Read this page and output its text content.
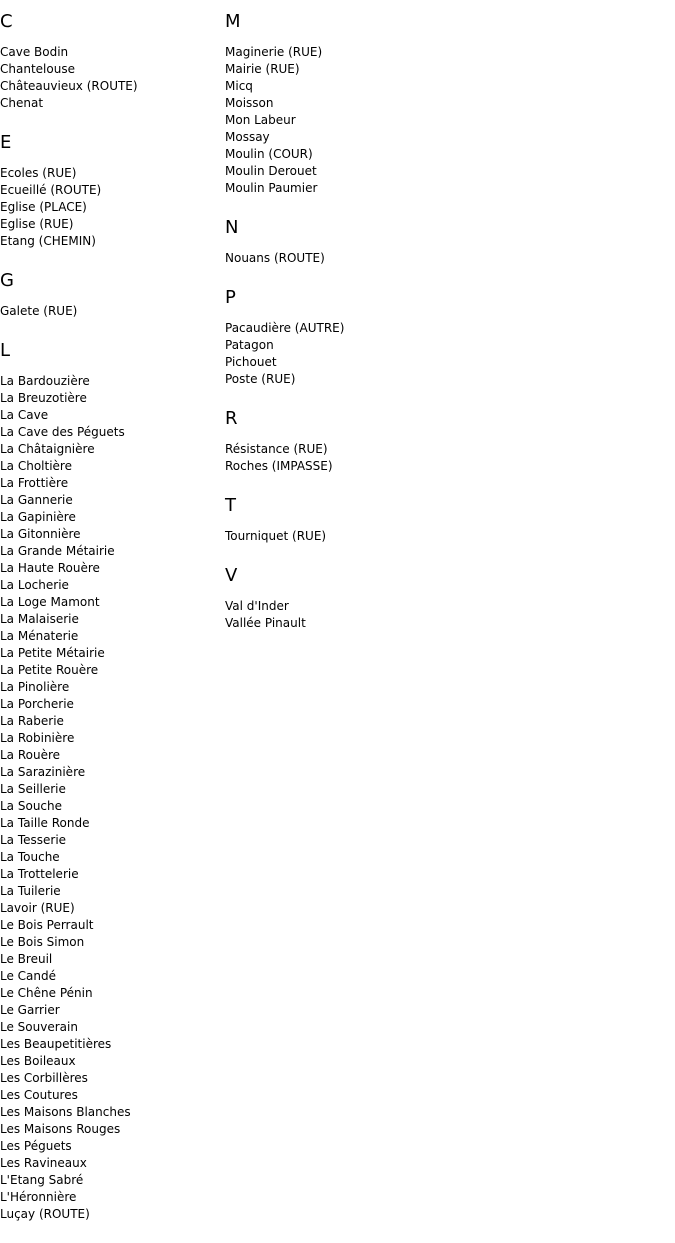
C
Cave Bodin
Chantelouse
Châteauvieux (ROUTE)
Chenat
E
Ecoles (RUE)
Ecueillé (ROUTE)
Eglise (PLACE)
Eglise (RUE)
Etang (CHEMIN)
G
Galete (RUE)
L
La Bardouzière
La Breuzotière
La Cave
La Cave des Péguets
La Châtaignière
La Choltière
La Frottière
La Gannerie
La Gapinière
La Gitonnière
La Grande Métairie
La Haute Rouère
La Locherie
La Loge Mamont
La Malaiserie
La Ménaterie
La Petite Métairie
La Petite Rouère
La Pinolière
La Porcherie
La Raberie
La Robinière
La Rouère
La Sarazinière
La Seillerie
La Souche
La Taille Ronde
La Tesserie
La Touche
La Trottelerie
La Tuilerie
Lavoir (RUE)
Le Bois Perrault
Le Bois Simon
Le Breuil
Le Candé
Le Chêne Pénin
Le Garrier
Le Souverain
Les Beaupetitières
Les Boileaux
Les Corbillères
Les Coutures
Les Maisons Blanches
Les Maisons Rouges
Les Péguets
Les Ravineaux
L'Etang Sabré
L'Héronnière
Luçay (ROUTE)
M
Maginerie (RUE)
Mairie (RUE)
Micq
Moisson
Mon Labeur
Mossay
Moulin (COUR)
Moulin Derouet
Moulin Paumier
N
Nouans (ROUTE)
P
Pacaudière (AUTRE)
Patagon
Pichouet
Poste (RUE)
R
Résistance (RUE)
Roches (IMPASSE)
T
Tourniquet (RUE)
V
Val d'Inder
Vallée Pinault
